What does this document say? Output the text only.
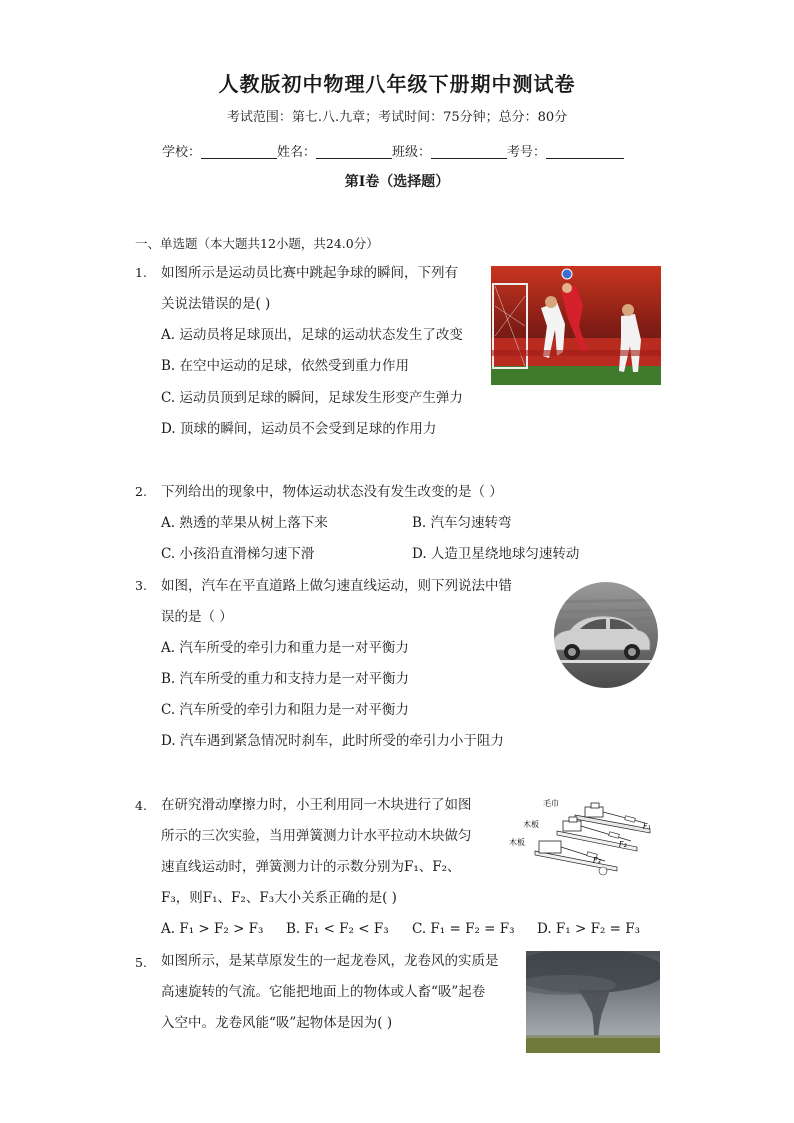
人教版初中物理八年级下册期中测试卷
考试范围：第七.八.九章；考试时间：75分钟；总分：80分
学校：	姓名：	班级：	考号：
第I卷（选择题）
一、单选题（本大题共12小题，共24.0分）
1. 如图所示是运动员比赛中跳起争球的瞬间，下列有
关说法错误的是( )
A. 运动员将足球顶出，足球的运动状态发生了改变
B. 在空中运动的足球，依然受到重力作用
C. 运动员顶到足球的瞬间，足球发生形变产生弹力
D. 顶球的瞬间，运动员不会受到足球的作用力
2. 下列给出的现象中，物体运动状态没有发生改变的是（ ）
A. 熟透的苹果从树上落下来	B. 汽车匀速转弯
C. 小孩沿直滑梯匀速下滑	D. 人造卫星绕地球匀速转动
3. 如图，汽车在平直道路上做匀速直线运动，则下列说法中错
误的是（ ）
A. 汽车所受的牵引力和重力是一对平衡力
B. 汽车所受的重力和支持力是一对平衡力
C. 汽车所受的牵引力和阻力是一对平衡力
D. 汽车遇到紧急情况时刹车，此时所受的牵引力小于阻力
4. 在研究滑动摩擦力时，小王利用同一木块进行了如图
所示的三次实验，当用弹簧测力计水平拉动木块做匀
速直线运动时，弹簧测力计的示数分别为F₁、F₂、
F₃，则F₁、F₂、F₃大小关系正确的是( )
A. F₁ > F₂ > F₃ B. F₁ < F₂ < F₃ C. F₁ = F₂ = F₃ D. F₁ > F₂ = F₃
毛巾
木板
木板
F₁
F₂
F₃
5. 如图所示，是某草原发生的一起龙卷风，龙卷风的实质是
高速旋转的气流。它能把地面上的物体或人畜“吸”起卷
入空中。龙卷风能“吸”起物体是因为( )
